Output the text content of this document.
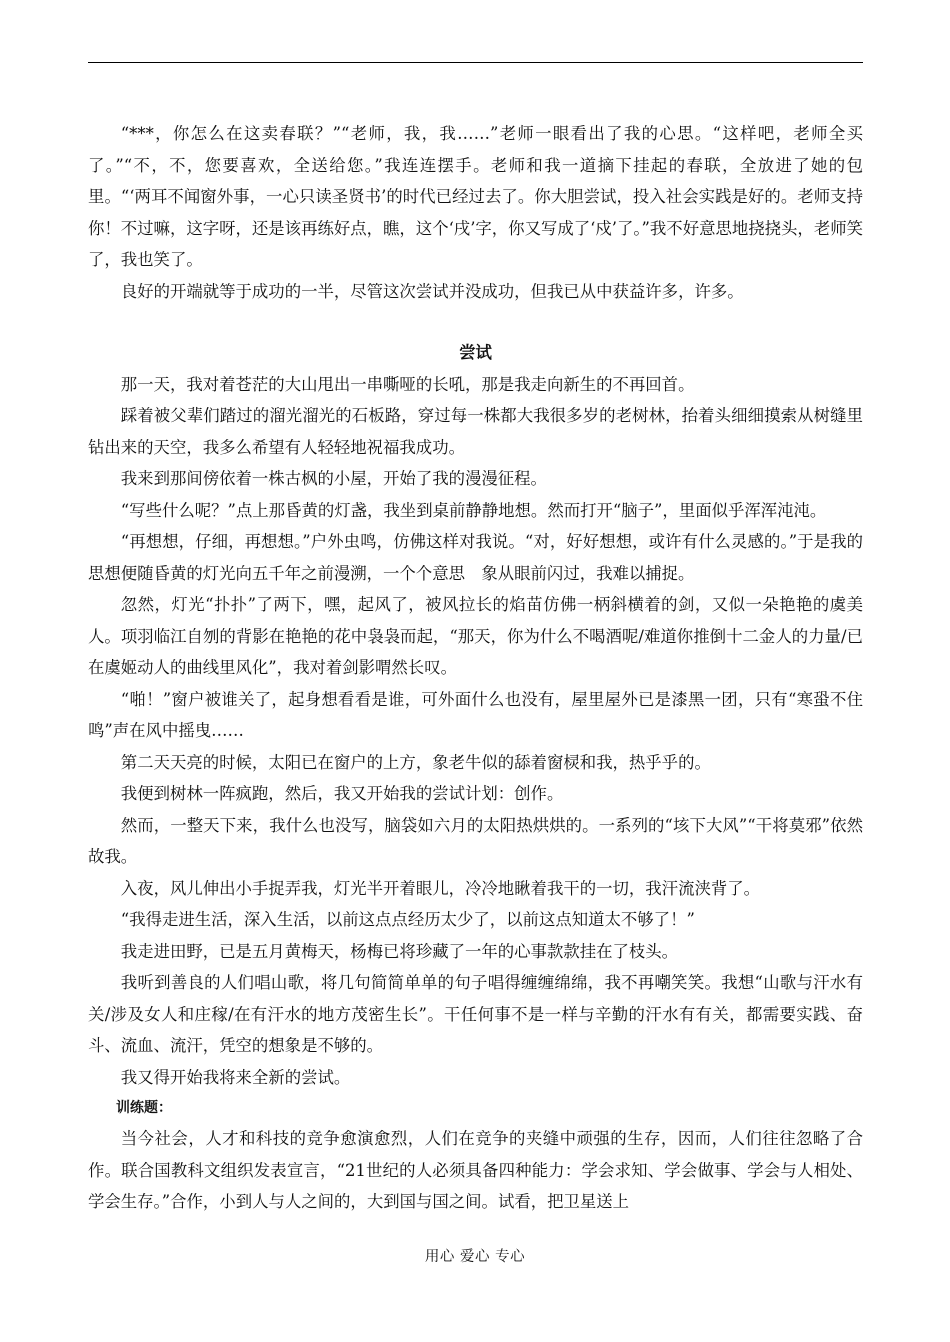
“***，你怎么在这卖春联？”“老师，我，我……”老师一眼看出了我的心思。“这样吧，老师全买了。”“不，不，您要喜欢，全送给您。”我连连摆手。老师和我一道摘下挂起的春联，全放进了她的包里。“‘两耳不闻窗外事，一心只读圣贤书’的时代已经过去了。你大胆尝试，投入社会实践是好的。老师支持你！不过嘛，这字呀，还是该再练好点，瞧，这个‘戌’字，你又写成了‘戍’了。”我不好意思地挠挠头，老师笑了，我也笑了。

良好的开端就等于成功的一半，尽管这次尝试并没成功，但我已从中获益许多，许多。

尝试

那一天，我对着苍茫的大山甩出一串嘶哑的长吼，那是我走向新生的不再回首。

踩着被父辈们踏过的溜光溜光的石板路，穿过每一株都大我很多岁的老树林，抬着头细细摸索从树缝里钻出来的天空，我多么希望有人轻轻地祝福我成功。

我来到那间傍依着一株古枫的小屋，开始了我的漫漫征程。

“写些什么呢？”点上那昏黄的灯盏，我坐到桌前静静地想。然而打开“脑子”，里面似乎浑浑沌沌。

“再想想，仔细，再想想。”户外虫鸣，仿佛这样对我说。“对，好好想想，或许有什么灵感的。”于是我的思想便随昏黄的灯光向五千年之前漫溯，一个个意思　象从眼前闪过，我难以捕捉。

忽然，灯光“扑扑”了两下，嘿，起风了，被风拉长的焰苗仿佛一柄斜横着的剑，又似一朵艳艳的虞美人。项羽临江自刎的背影在艳艳的花中袅袅而起，“那天，你为什么不喝酒呢/难道你推倒十二金人的力量/已在虞姬动人的曲线里风化”，我对着剑影喟然长叹。

“啪！”窗户被谁关了，起身想看看是谁，可外面什么也没有，屋里屋外已是漆黑一团，只有“寒蛩不住鸣”声在风中摇曳……

第二天天亮的时候，太阳已在窗户的上方，象老牛似的舔着窗棂和我，热乎乎的。

我便到树林一阵疯跑，然后，我又开始我的尝试计划：创作。

然而，一整天下来，我什么也没写，脑袋如六月的太阳热烘烘的。一系列的“垓下大风”“干将莫邪”依然故我。

入夜，风儿伸出小手捉弄我，灯光半开着眼儿，冷冷地瞅着我干的一切，我汗流浃背了。

“我得走进生活，深入生活，以前这点点经历太少了，以前这点知道太不够了！”

我走进田野，已是五月黄梅天，杨梅已将珍藏了一年的心事款款挂在了枝头。

我听到善良的人们唱山歌，将几句简简单单的句子唱得缠缠绵绵，我不再嘲笑笑。我想“山歌与汗水有关/涉及女人和庄稼/在有汗水的地方茂密生长”。干任何事不是一样与辛勤的汗水有有关，都需要实践、奋斗、流血、流汗，凭空的想象是不够的。

我又得开始我将来全新的尝试。

训练题：

当今社会，人才和科技的竞争愈演愈烈，人们在竞争的夹缝中顽强的生存，因而，人们往往忽略了合作。联合国教科文组织发表宣言，“21世纪的人必须具备四种能力：学会求知、学会做事、学会与人相处、学会生存。”合作，小到人与人之间的，大到国与国之间。试看，把卫星送上

用心 爱心 专心
